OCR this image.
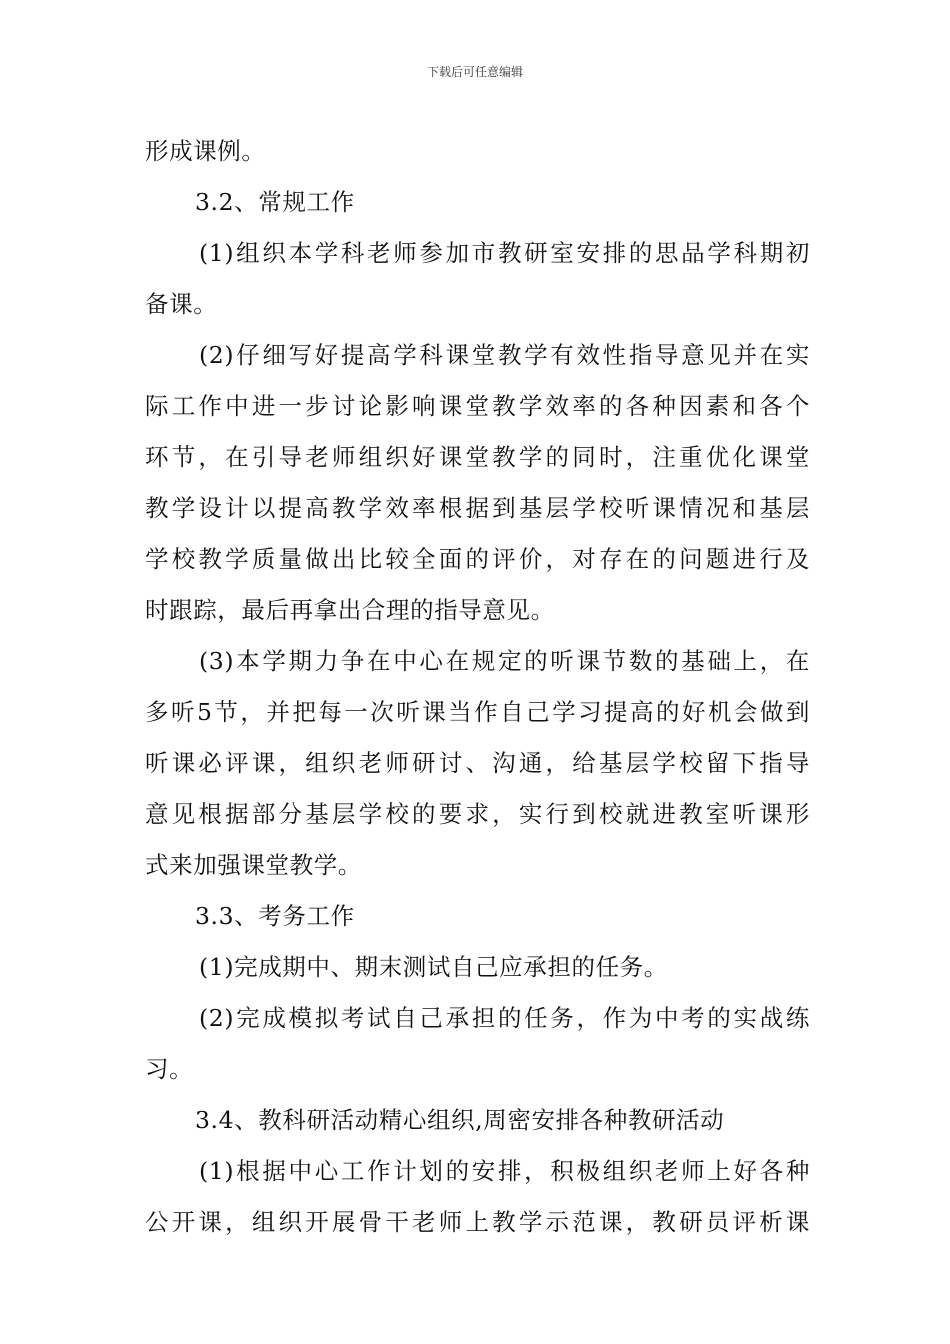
下载后可任意编辑
形成课例。
3.2、常规工作
(1)组织本学科老师参加市教研室安排的思品学科期初
备课。
(2)仔细写好提高学科课堂教学有效性指导意见并在实
际工作中进一步讨论影响课堂教学效率的各种因素和各个
环节，在引导老师组织好课堂教学的同时，注重优化课堂
教学设计以提高教学效率根据到基层学校听课情况和基层
学校教学质量做出比较全面的评价，对存在的问题进行及
时跟踪，最后再拿出合理的指导意见。
(3)本学期力争在中心在规定的听课节数的基础上，在
多听5节，并把每一次听课当作自己学习提高的好机会做到
听课必评课，组织老师研讨、沟通，给基层学校留下指导
意见根据部分基层学校的要求，实行到校就进教室听课形
式来加强课堂教学。
3.3、考务工作
(1)完成期中、期末测试自己应承担的任务。
(2)完成模拟考试自己承担的任务，作为中考的实战练
习。
3.4、教科研活动精心组织,周密安排各种教研活动
(1)根据中心工作计划的安排，积极组织老师上好各种
公开课，组织开展骨干老师上教学示范课，教研员评析课
